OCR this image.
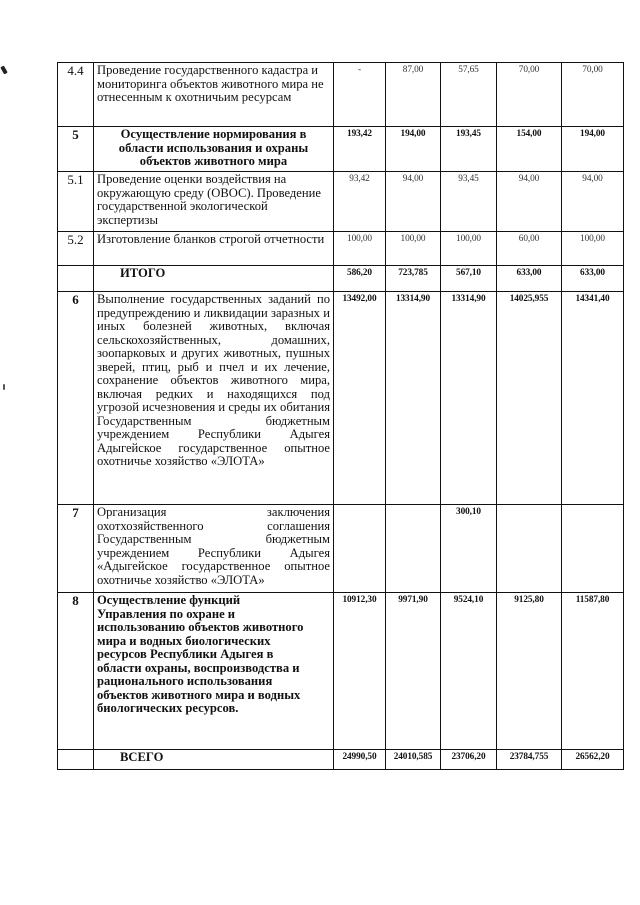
4.4	Проведение государственного кадастра и мониторинга объектов животного мира не отнесенным к охотничьим ресурсам	-	87,00	57,65	70,00	70,00
5	Осуществление нормирования в области использования и охраны объектов животного мира	193,42	194,00	193,45	154,00	194,00
5.1	Проведение оценки воздействия на окружающую среду (ОВОС). Проведение государственной экологической экспертизы	93,42	94,00	93,45	94,00	94,00
5.2	Изготовление бланков строгой отчетности	100,00	100,00	100,00	60,00	100,00
	ИТОГО	586,20	723,785	567,10	633,00	633,00
6	Выполнение государственных заданий по предупреждению и ликвидации заразных и иных болезней животных, включая сельскохозяйственных, домашних, зоопарковых и других животных, пушных зверей, птиц, рыб и пчел и их лечение, сохранение объектов животного мира, включая редких и находящихся под угрозой исчезновения и среды их обитания Государственным бюджетным учреждением Республики Адыгея Адыгейское государственное опытное охотничье хозяйство «ЭЛОТА»	13492,00	13314,90	13314,90	14025,955	14341,40
7	Организация заключения охотхозяйственного соглашения Государственным бюджетным учреждением Республики Адыгея «Адыгейское государственное опытное охотничье хозяйство «ЭЛОТА»			300,10		
8	Осуществление функций Управления по охране и использованию объектов животного мира и водных биологических ресурсов Республики Адыгея в области охраны, воспроизводства и рационального использования объектов животного мира и водных биологических ресурсов.	10912,30	9971,90	9524,10	9125,80	11587,80
	ВСЕГО	24990,50	24010,585	23706,20	23784,755	26562,20
